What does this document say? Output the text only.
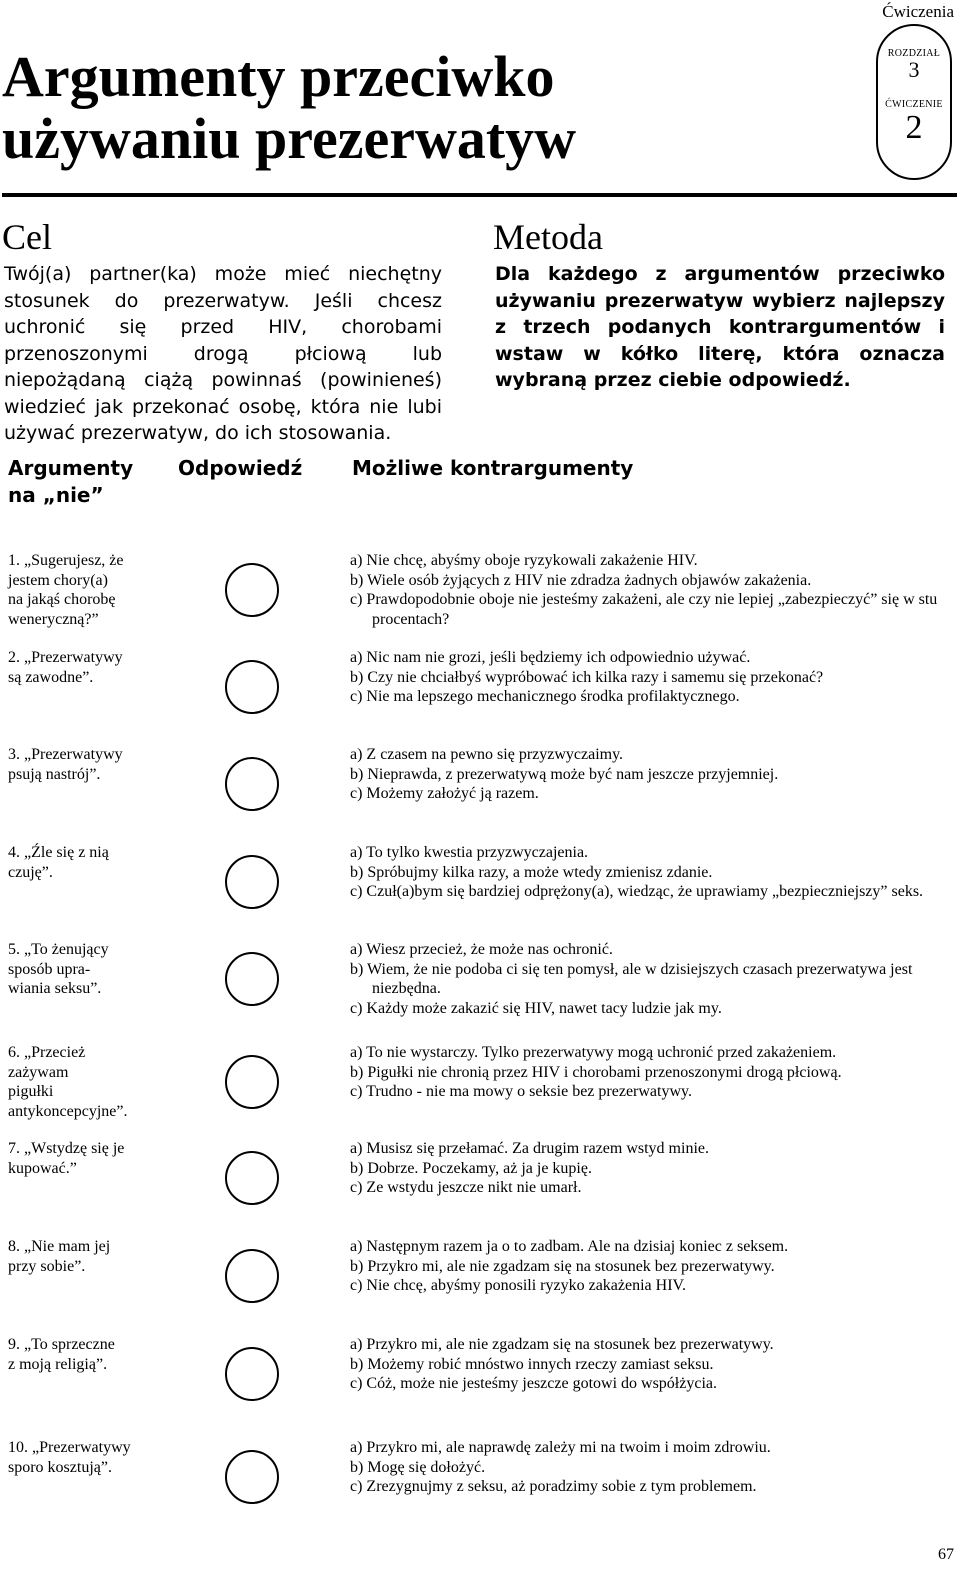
Ćwiczenia
Argumenty przeciwko
używaniu prezerwatyw
ROZDZIAŁ
3
ĆWICZENIE
2
Cel

Twój(a) partner(ka) może mieć niechętny stosunek do prezerwatyw. Jeśli chcesz uchronić się przed HIV, chorobami przenoszonymi drogą płciową lub niepożądaną ciążą powinnaś (powinieneś) wiedzieć jak przekonać osobę, która nie lubi używać prezerwatyw, do ich stosowania.

Metoda

Dla każdego z argumentów przeciwko używaniu prezerwatyw wybierz najlepszy z trzech podanych kontrargumentów i wstaw w kółko literę, która oznacza wybraną przez ciebie odpowiedź.

Argumenty na „nie”
Odpowiedź Możliwe kontrargumenty
1. „Sugerujesz, że
jestem chory(a)
na jakąś chorobę
weneryczną?”
a) Nie chcę, abyśmy oboje ryzykowali zakażenie HIV.
b) Wiele osób żyjących z HIV nie zdradza żadnych objawów zakażenia.
c) Prawdopodobnie oboje nie jesteśmy zakażeni, ale czy nie lepiej „zabezpieczyć” się w stu procentach?
2. „Prezerwatywy
są zawodne”.
a) Nic nam nie grozi, jeśli będziemy ich odpowiednio używać.
b) Czy nie chciałbyś wypróbować ich kilka razy i samemu się przekonać?
c) Nie ma lepszego mechanicznego środka profilaktycznego.
3. „Prezerwatywy
psują nastrój”.
a) Z czasem na pewno się przyzwyczaimy.
b) Nieprawda, z prezerwatywą może być nam jeszcze przyjemniej.
c) Możemy założyć ją razem.
4. „Źle się z nią
czuję”.
a) To tylko kwestia przyzwyczajenia.
b) Spróbujmy kilka razy, a może wtedy zmienisz zdanie.
c) Czuł(a)bym się bardziej odprężony(a), wiedząc, że uprawiamy „bezpieczniejszy” seks.
5. „To żenujący
sposób upra-
wiania seksu”.
a) Wiesz przecież, że może nas ochronić.
b) Wiem, że nie podoba ci się ten pomysł, ale w dzisiejszych czasach prezerwatywa jest niezbędna.
c) Każdy może zakazić się HIV, nawet tacy ludzie jak my.
6. „Przecież
zażywam
pigułki
antykoncepcyjne”.
a) To nie wystarczy. Tylko prezerwatywy mogą uchronić przed zakażeniem.
b) Pigułki nie chronią przez HIV i chorobami przenoszonymi drogą płciową.
c) Trudno - nie ma mowy o seksie bez prezerwatywy.
7. „Wstydzę się je
kupować.”
a) Musisz się przełamać. Za drugim razem wstyd minie.
b) Dobrze. Poczekamy, aż ja je kupię.
c) Ze wstydu jeszcze nikt nie umarł.
8. „Nie mam jej
przy sobie”.
a) Następnym razem ja o to zadbam. Ale na dzisiaj koniec z seksem.
b) Przykro mi, ale nie zgadzam się na stosunek bez prezerwatywy.
c) Nie chcę, abyśmy ponosili ryzyko zakażenia HIV.
9. „To sprzeczne
z moją religią”.
a) Przykro mi, ale nie zgadzam się na stosunek bez prezerwatywy.
b) Możemy robić mnóstwo innych rzeczy zamiast seksu.
c) Cóż, może nie jesteśmy jeszcze gotowi do współżycia.
10. „Prezerwatywy
sporo kosztują”.
a) Przykro mi, ale naprawdę zależy mi na twoim i moim zdrowiu.
b) Mogę się dołożyć.
c) Zrezygnujmy z seksu, aż poradzimy sobie z tym problemem.
67
